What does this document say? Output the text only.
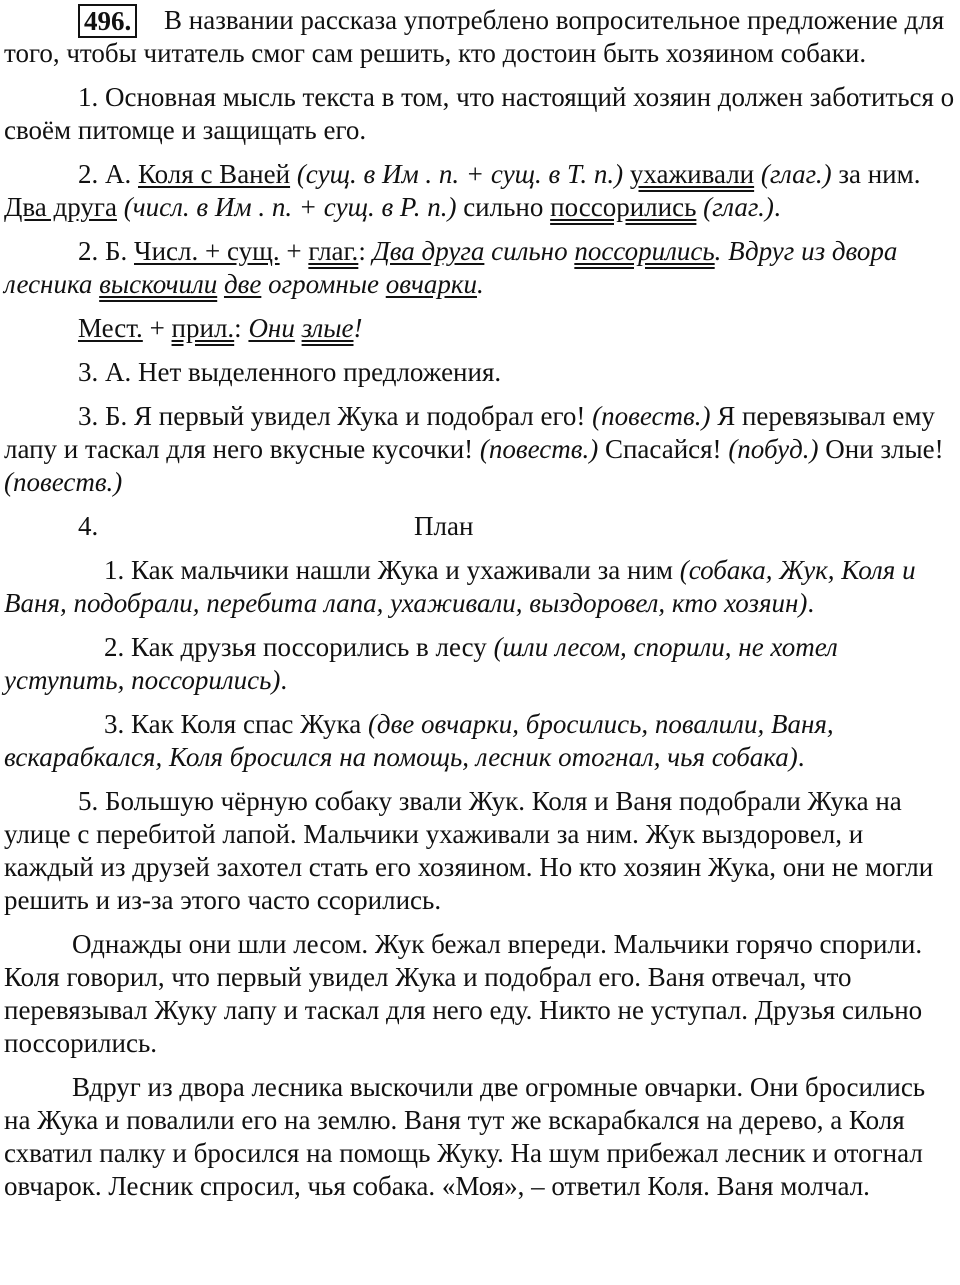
496. В названии рассказа употреблено вопросительное предложение для того, чтобы читатель смог сам решить, кто достоин быть хозяином собаки.

1. Основная мысль текста в том, что настоящий хозяин должен заботиться о своём питомце и защищать его.

2. А. Коля с Ваней (сущ. в Им . п. + сущ. в Т. п.) ухаживали (глаг.) за ним. Два друга (числ. в Им . п. + сущ. в Р. п.) сильно поссорились (глаг.).

2. Б. Числ. + сущ. + глаг.: Два друга сильно поссорились. Вдруг из двора лесника выскочили две огромные овчарки.

Мест. + прил.: Они злые!

3. А. Нет выделенного предложения.

3. Б. Я первый увидел Жука и подобрал его! (повеств.) Я перевязывал ему лапу и таскал для него вкусные кусочки! (повеств.) Спасайся! (побуд.) Они злые! (повеств.)

4.	План

1. Как мальчики нашли Жука и ухаживали за ним (собака, Жук, Коля и Ваня, подобрали, перебита лапа, ухаживали, выздоровел, кто хозяин).

2. Как друзья поссорились в лесу (шли лесом, спорили, не хотел уступить, поссорились).

3. Как Коля спас Жука (две овчарки, бросились, повалили, Ваня, вскарабкался, Коля бросился на помощь, лесник отогнал, чья собака).

5. Большую чёрную собаку звали Жук. Коля и Ваня подобрали Жука на улице с перебитой лапой. Мальчики ухаживали за ним. Жук выздоровел, и каждый из друзей захотел стать его хозяином. Но кто хозяин Жука, они не могли решить и из-за этого часто ссорились.

Однажды они шли лесом. Жук бежал впереди. Мальчики горячо спорили. Коля говорил, что первый увидел Жука и подобрал его. Ваня отвечал, что перевязывал Жуку лапу и таскал для него еду. Никто не уступал. Друзья сильно поссорились.

Вдруг из двора лесника выскочили две огромные овчарки. Они бросились на Жука и повалили его на землю. Ваня тут же вскарабкался на дерево, а Коля схватил палку и бросился на помощь Жуку. На шум прибежал лесник и отогнал овчарок. Лесник спросил, чья собака. «Моя», – ответил Коля. Ваня молчал.
